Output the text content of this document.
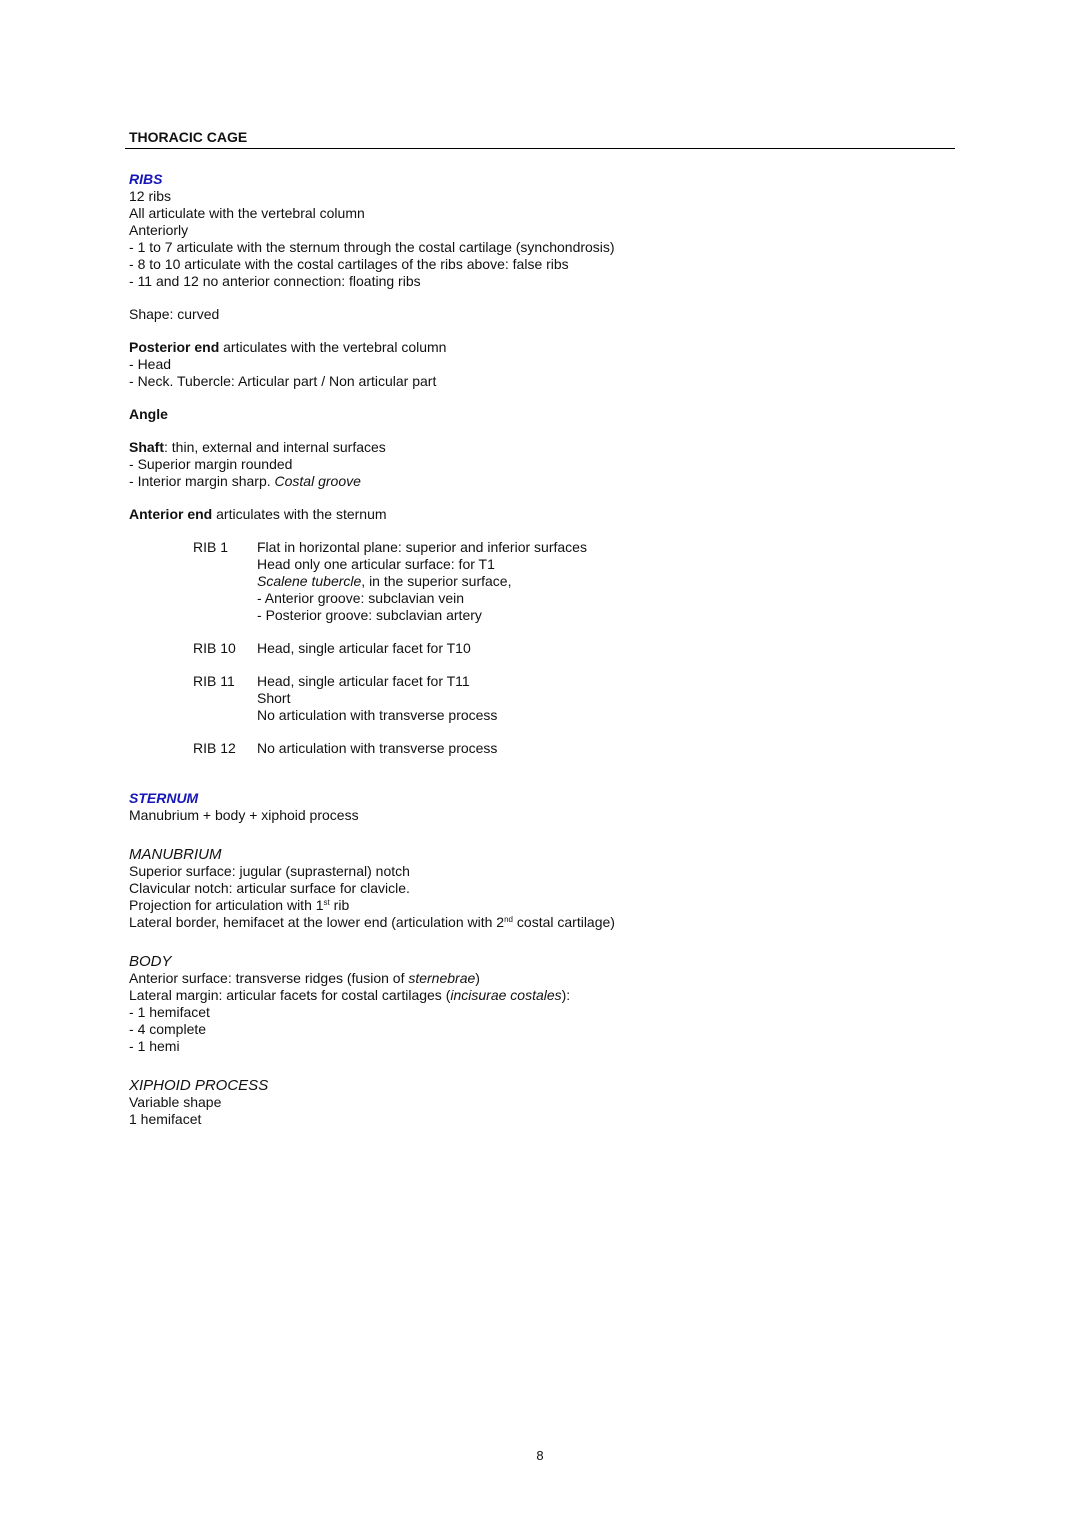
THORACIC CAGE
RIBS
12 ribs
All articulate with the vertebral column
Anteriorly
- 1 to 7 articulate with the sternum through the costal cartilage (synchondrosis)
- 8 to 10 articulate with the costal cartilages of the ribs above: false ribs
- 11 and 12 no anterior connection: floating ribs
Shape: curved
Posterior end articulates with the vertebral column
- Head
- Neck. Tubercle: Articular part / Non articular part
Angle
Shaft: thin, external and internal surfaces
- Superior margin rounded
- Interior margin sharp. Costal groove
Anterior end articulates with the sternum
RIB 1	Flat in horizontal plane: superior and inferior surfaces
Head only one articular surface: for T1
Scalene tubercle, in the superior surface,
- Anterior groove: subclavian vein
- Posterior groove: subclavian artery
RIB 10	Head, single articular facet for T10
RIB 11	Head, single articular facet for T11
Short
No articulation with transverse process
RIB 12	No articulation with transverse process
STERNUM
Manubrium + body + xiphoid process
MANUBRIUM
Superior surface: jugular (suprasternal) notch
Clavicular notch: articular surface for clavicle.
Projection for articulation with 1st rib
Lateral border, hemifacet at the lower end (articulation with 2nd costal cartilage)
BODY
Anterior surface: transverse ridges (fusion of sternebrae)
Lateral margin: articular facets for costal cartilages (incisurae costales):
- 1 hemifacet
- 4 complete
- 1 hemi
XIPHOID PROCESS
Variable shape
1 hemifacet
8
